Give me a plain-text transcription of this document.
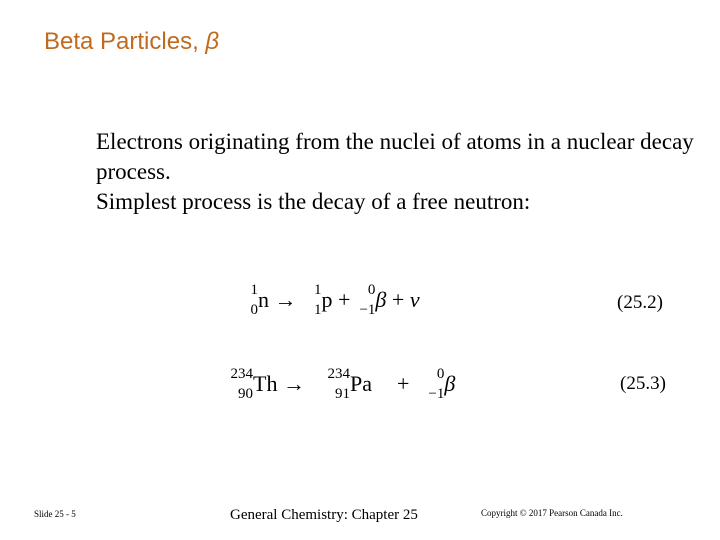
Beta Particles, β

Electrons originating from the nuclei of atoms in a nuclear decay process.

Simplest process is the decay of a free neutron:

1
0 n → 1
1 p + 0
−1 β + ν	(25.2)
234
90 Th → 234
91 Pa + 0
−1 β	(25.3)
Slide 25 - 5	General Chemistry: Chapter 25	Copyright © 2017 Pearson Canada Inc.
